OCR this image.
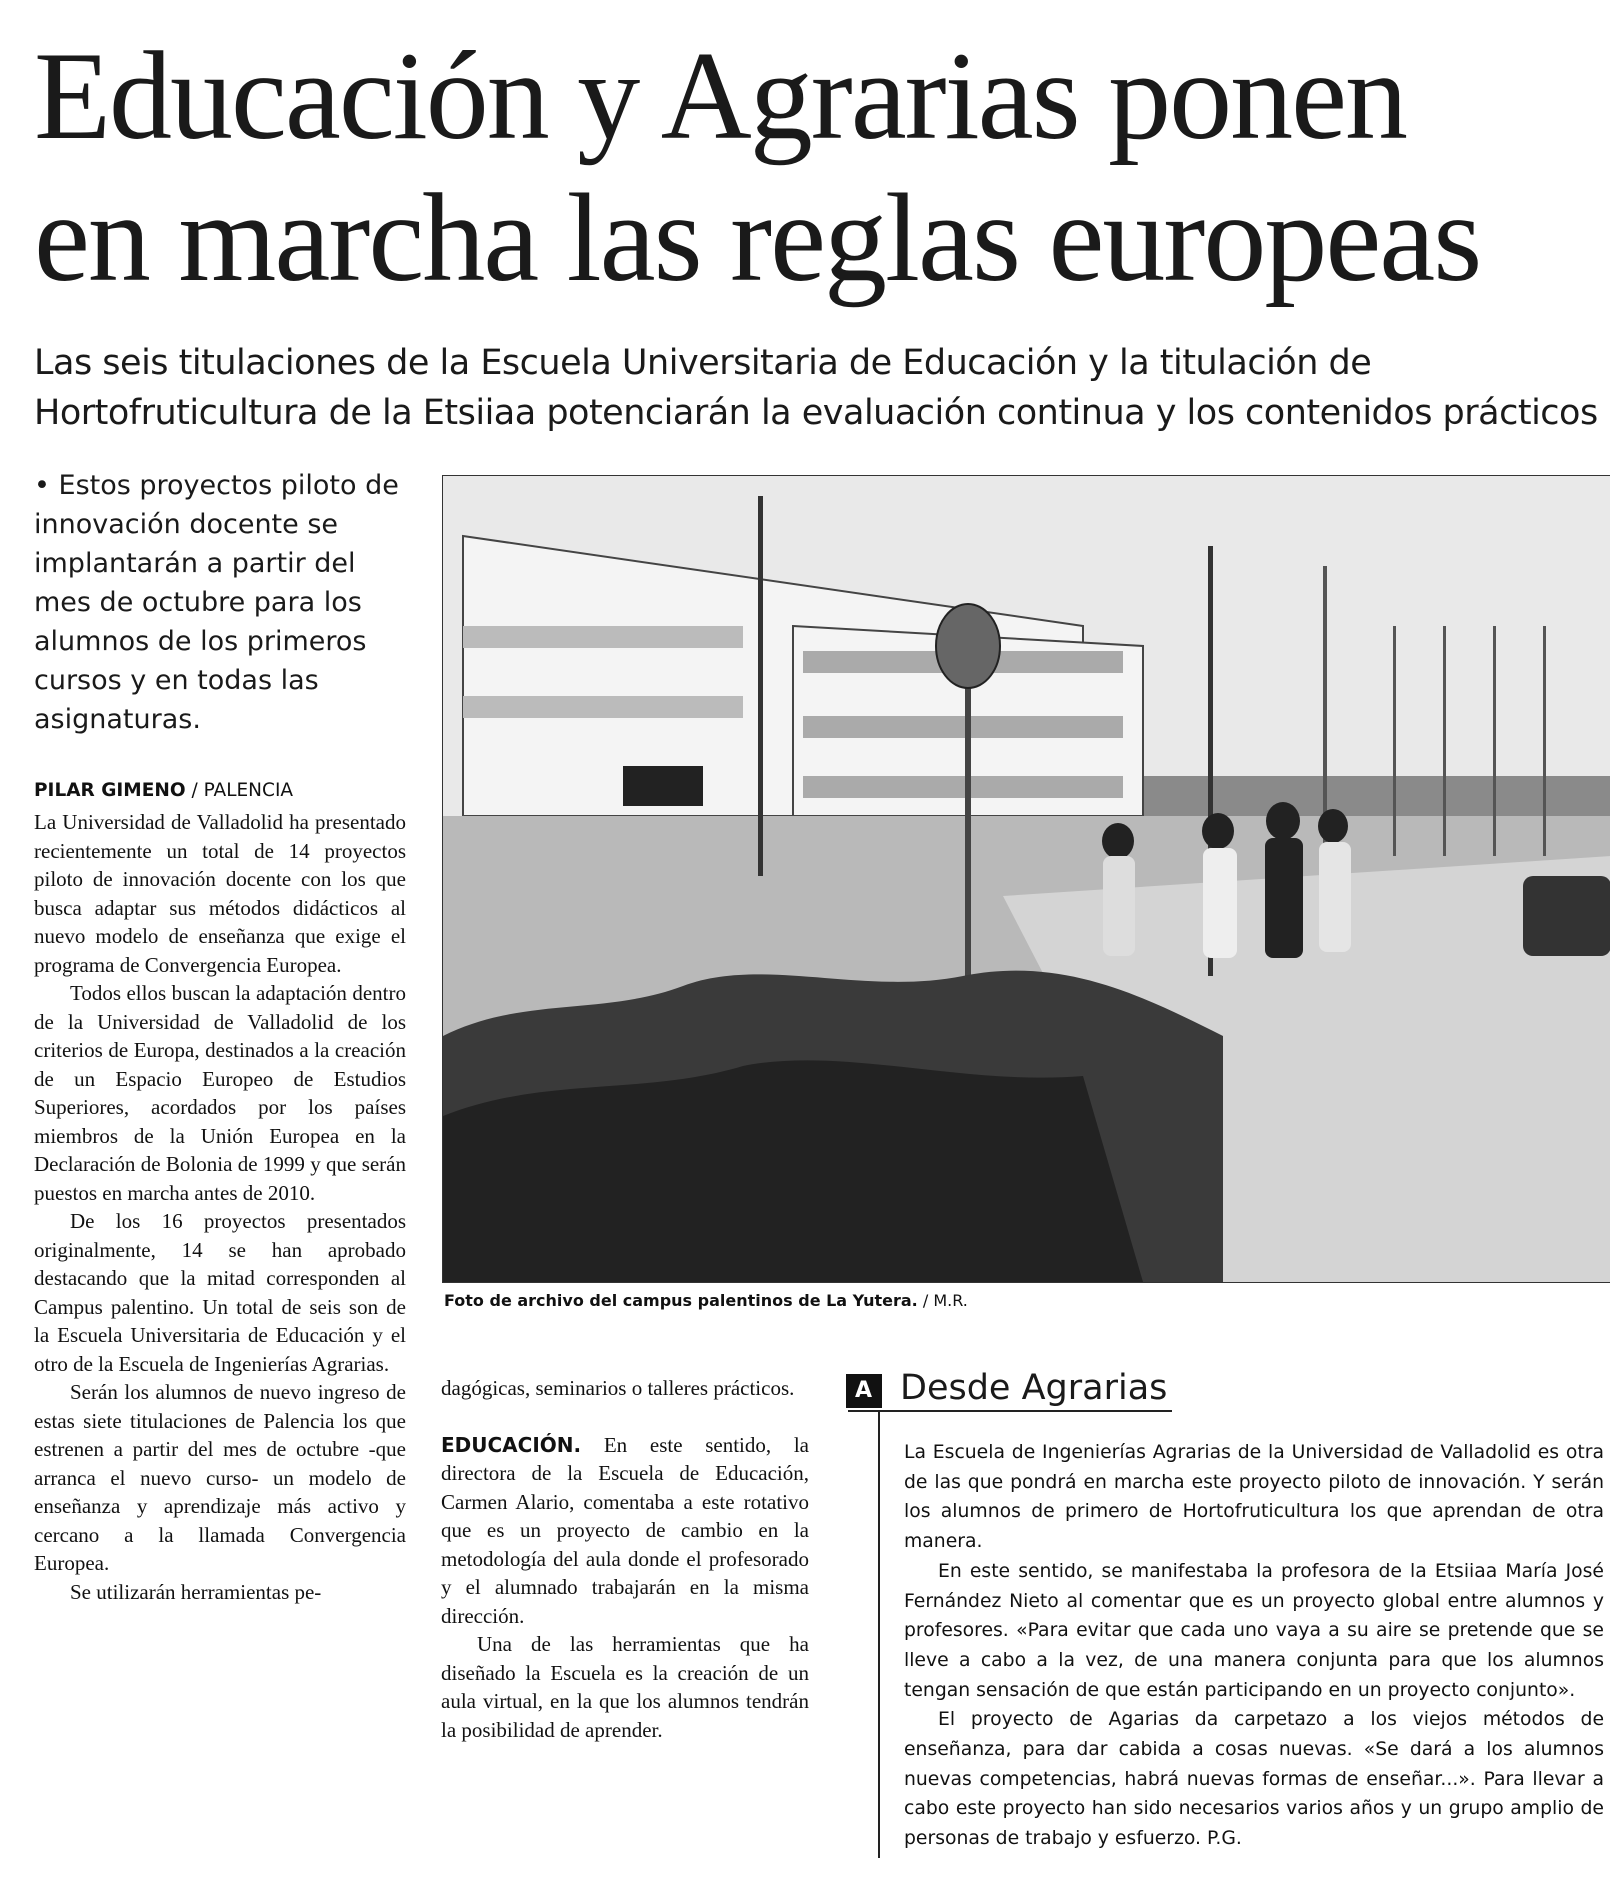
Educación y Agrarias ponen
en marcha las reglas europeas
Las seis titulaciones de la Escuela Universitaria de Educación y la titulación de
Hortofruticultura de la Etsiiaa potenciarán la evaluación continua y los contenidos prácticos
• Estos proyectos piloto de innovación docente se implantarán a partir del mes de octubre para los alumnos de los primeros cursos y en todas las asignaturas.
PILAR GIMENO / PALENCIA

La Universidad de Valladolid ha presentado recientemente un total de 14 proyectos piloto de innovación docente con los que busca adaptar sus métodos didácticos al nuevo modelo de enseñanza que exige el programa de Convergencia Europea.

Todos ellos buscan la adaptación dentro de la Universidad de Valladolid de los criterios de Europa, destinados a la creación de un Espacio Europeo de Estudios Superiores, acordados por los países miembros de la Unión Europea en la Declaración de Bolonia de 1999 y que serán puestos en marcha antes de 2010.

De los 16 proyectos presentados originalmente, 14 se han aprobado destacando que la mitad corresponden al Campus palentino. Un total de seis son de la Escuela Universitaria de Educación y el otro de la Escuela de Ingenierías Agrarias.

Serán los alumnos de nuevo ingreso de estas siete titulaciones de Palencia los que estrenen a partir del mes de octubre -que arranca el nuevo curso- un modelo de enseñanza y aprendizaje más activo y cercano a la llamada Convergencia Europea.

Se utilizarán herramientas pe-

Foto de archivo del campus palentinos de La Yutera. / M.R.

dagógicas, seminarios o talleres prácticos.

EDUCACIÓN. En este sentido, la directora de la Escuela de Educación, Carmen Alario, comentaba a este rotativo que es un proyecto de cambio en la metodología del aula donde el profesorado y el alumnado trabajarán en la misma dirección.

Una de las herramientas que ha diseñado la Escuela es la creación de un aula virtual, en la que los alumnos tendrán la posibilidad de aprender.

A Desde Agrarias

La Escuela de Ingenierías Agrarias de la Universidad de Valladolid es otra de las que pondrá en marcha este proyecto piloto de innovación. Y serán los alumnos de primero de Hortofruticultura los que aprendan de otra manera.

En este sentido, se manifestaba la profesora de la Etsiiaa María José Fernández Nieto al comentar que es un proyecto global entre alumnos y profesores. «Para evitar que cada uno vaya a su aire se pretende que se lleve a cabo a la vez, de una manera conjunta para que los alumnos tengan sensación de que están participando en un proyecto conjunto».

El proyecto de Agarias da carpetazo a los viejos métodos de enseñanza, para dar cabida a cosas nuevas. «Se dará a los alumnos nuevas competencias, habrá nuevas formas de enseñar...». Para llevar a cabo este proyecto han sido necesarios varios años y un grupo amplio de personas de trabajo y esfuerzo. P.G.
